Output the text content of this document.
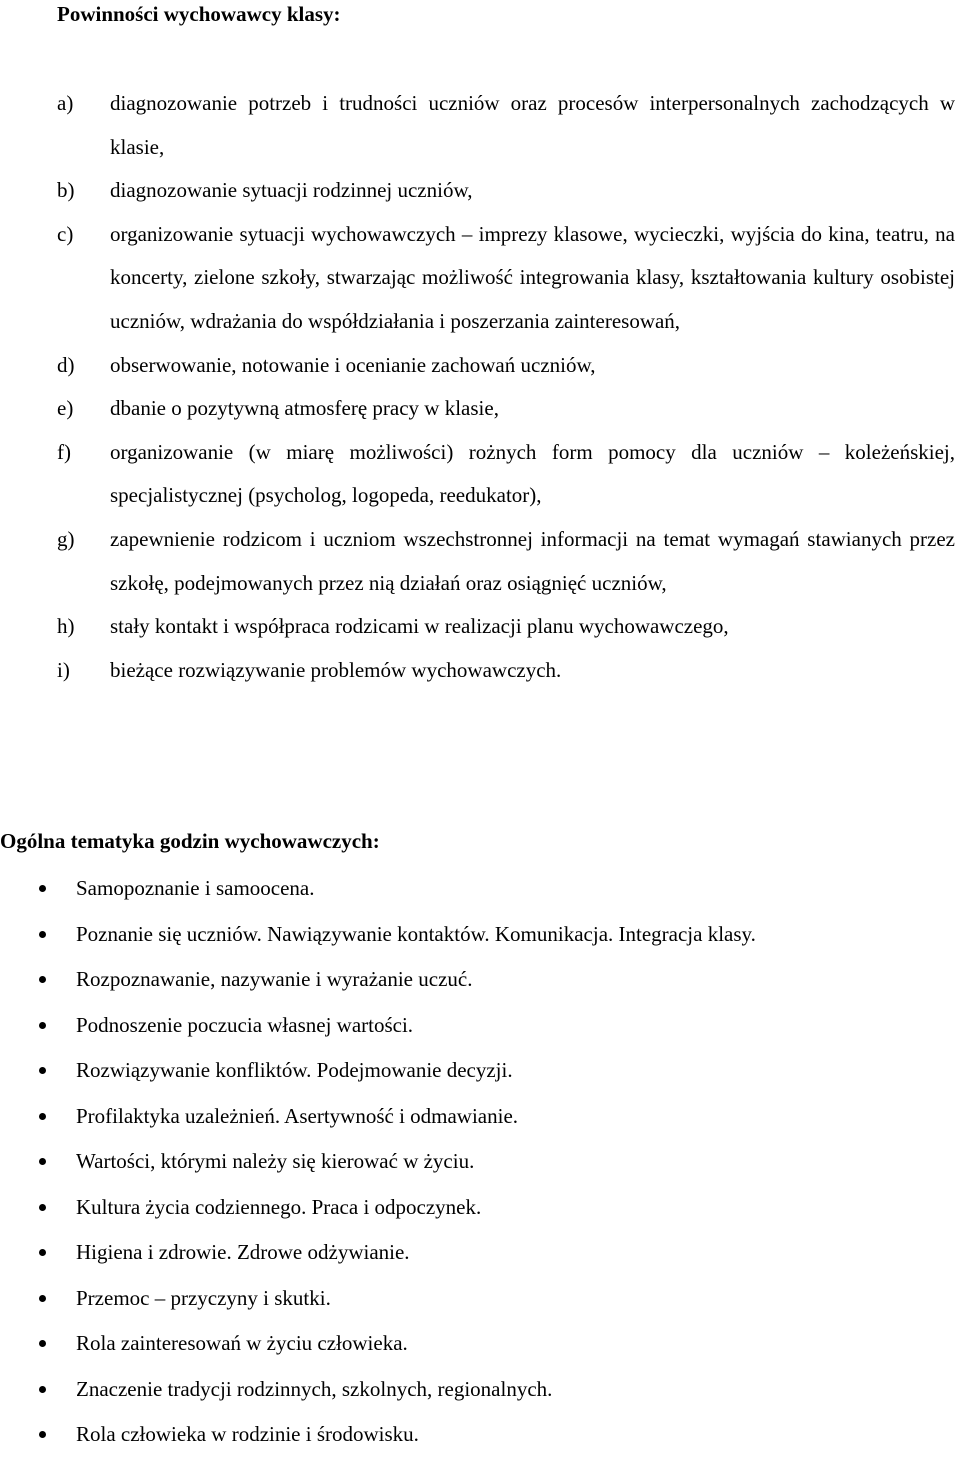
Powinności wychowawcy klasy:
a) diagnozowanie potrzeb i trudności uczniów oraz procesów interpersonalnych zachodzących w klasie,
b) diagnozowanie sytuacji rodzinnej uczniów,
c) organizowanie sytuacji wychowawczych – imprezy klasowe, wycieczki, wyjścia do kina, teatru, na koncerty, zielone szkoły, stwarzając możliwość integrowania klasy, kształtowania kultury osobistej uczniów, wdrażania do współdziałania i poszerzania zainteresowań,
d) obserwowanie, notowanie i ocenianie zachowań uczniów,
e) dbanie o pozytywną atmosferę pracy w klasie,
f) organizowanie (w miarę możliwości) rożnych form pomocy dla uczniów – koleżeńskiej, specjalistycznej (psycholog, logopeda, reedukator),
g) zapewnienie rodzicom i uczniom wszechstronnej informacji na temat wymagań stawianych przez szkołę, podejmowanych przez nią działań oraz osiągnięć uczniów,
h) stały kontakt i współpraca rodzicami w realizacji planu wychowawczego,
i) bieżące rozwiązywanie problemów wychowawczych.
Ogólna tematyka godzin wychowawczych:
Samopoznanie i samoocena.
Poznanie się uczniów. Nawiązywanie kontaktów. Komunikacja. Integracja klasy.
Rozpoznawanie, nazywanie i wyrażanie uczuć.
Podnoszenie poczucia własnej wartości.
Rozwiązywanie konfliktów. Podejmowanie decyzji.
Profilaktyka uzależnień. Asertywność i odmawianie.
Wartości, którymi należy się kierować w życiu.
Kultura życia codziennego. Praca i odpoczynek.
Higiena i zdrowie. Zdrowe odżywianie.
Przemoc – przyczyny i skutki.
Rola zainteresowań w życiu człowieka.
Znaczenie tradycji rodzinnych, szkolnych, regionalnych.
Rola człowieka w rodzinie i środowisku.
